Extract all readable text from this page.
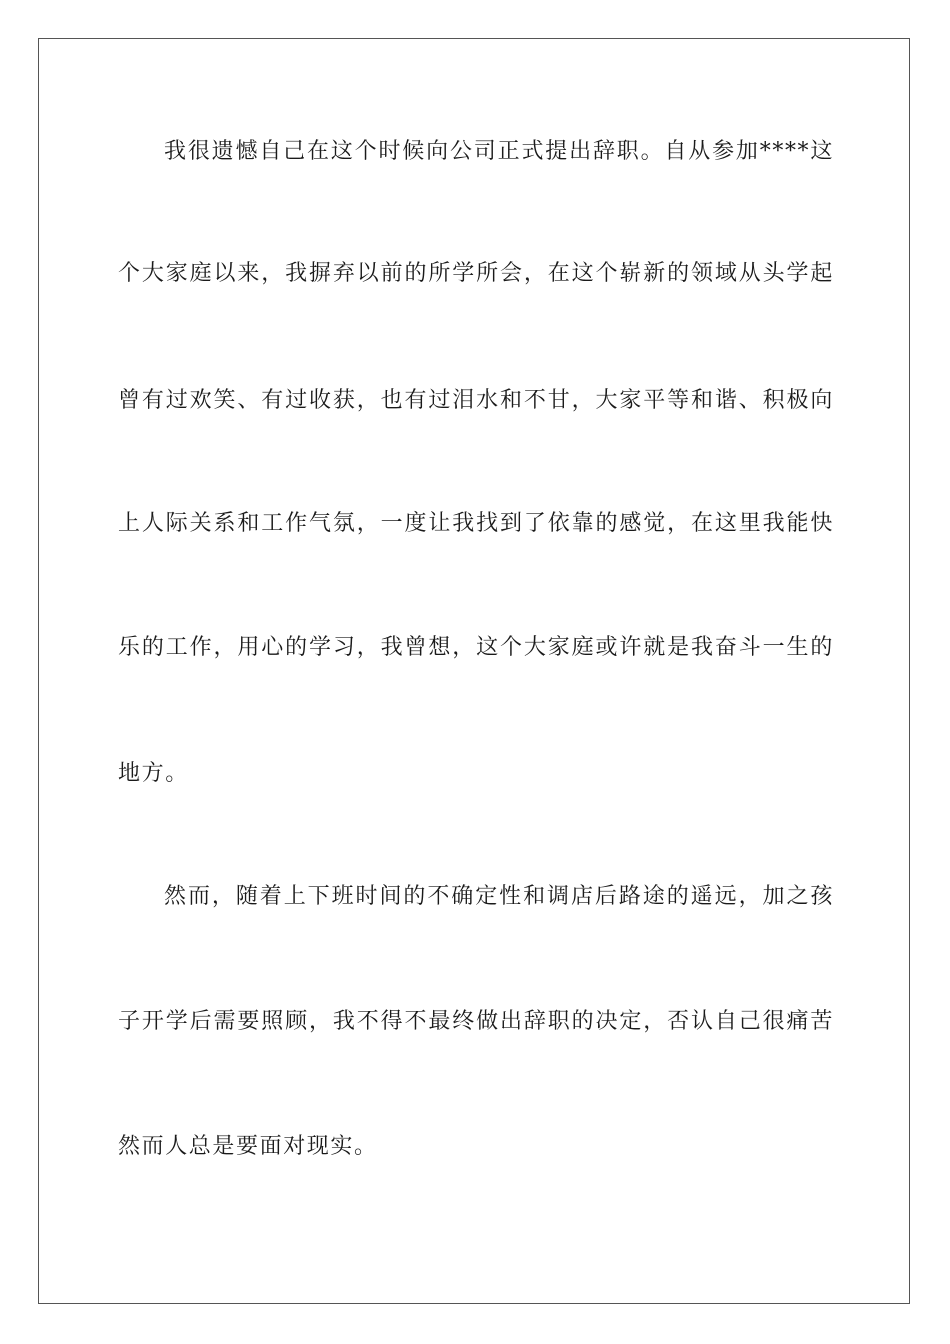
我很遗憾自己在这个时候向公司正式提出辞职。自从参加****这
个大家庭以来，我摒弃以前的所学所会，在这个崭新的领域从头学起
曾有过欢笑、有过收获，也有过泪水和不甘，大家平等和谐、积极向
上人际关系和工作气氛，一度让我找到了依靠的感觉，在这里我能快
乐的工作，用心的学习，我曾想，这个大家庭或许就是我奋斗一生的
地方。
然而，随着上下班时间的不确定性和调店后路途的遥远，加之孩
子开学后需要照顾，我不得不最终做出辞职的决定，否认自己很痛苦
然而人总是要面对现实。
